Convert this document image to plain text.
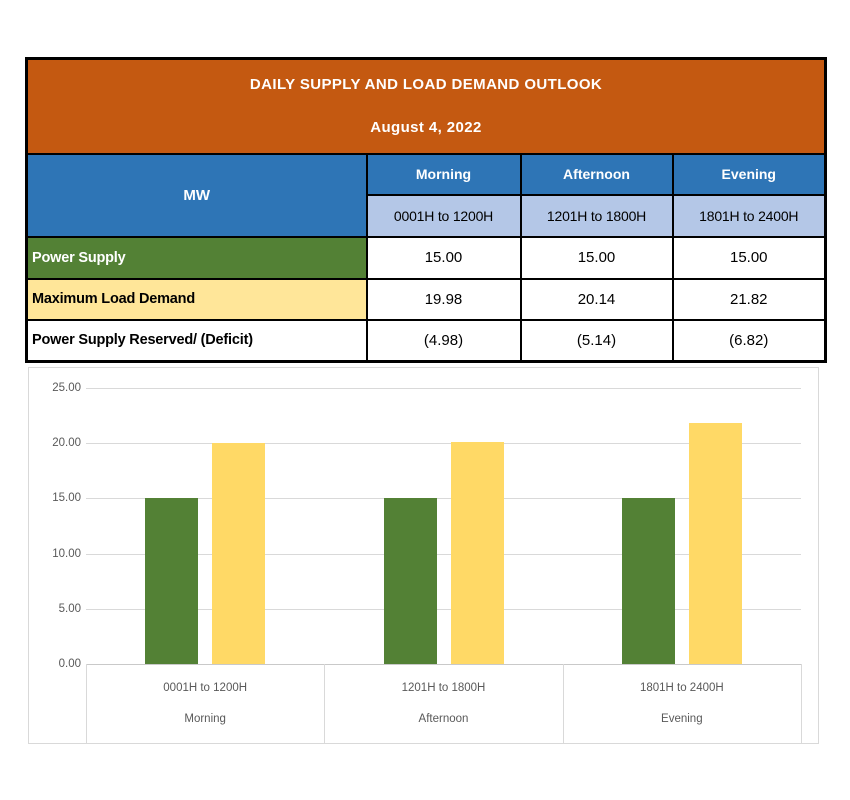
DAILY SUPPLY AND LOAD DEMAND OUTLOOK
August 4, 2022			

MW	Morning	Afternoon	Evening
	0001H to 1200H	1201H to 1800H	1801H to 2400H
Power Supply	15.00	15.00	15.00
Maximum Load Demand	19.98	20.14	21.82
Power Supply Reserved/ (Deficit)	(4.98)	(5.14)	(6.82)
0.00
5.00
10.00
15.00
20.00
25.00
0001H to 1200H
Morning
1201H to 1800H
Afternoon
1801H to 2400H
Evening
